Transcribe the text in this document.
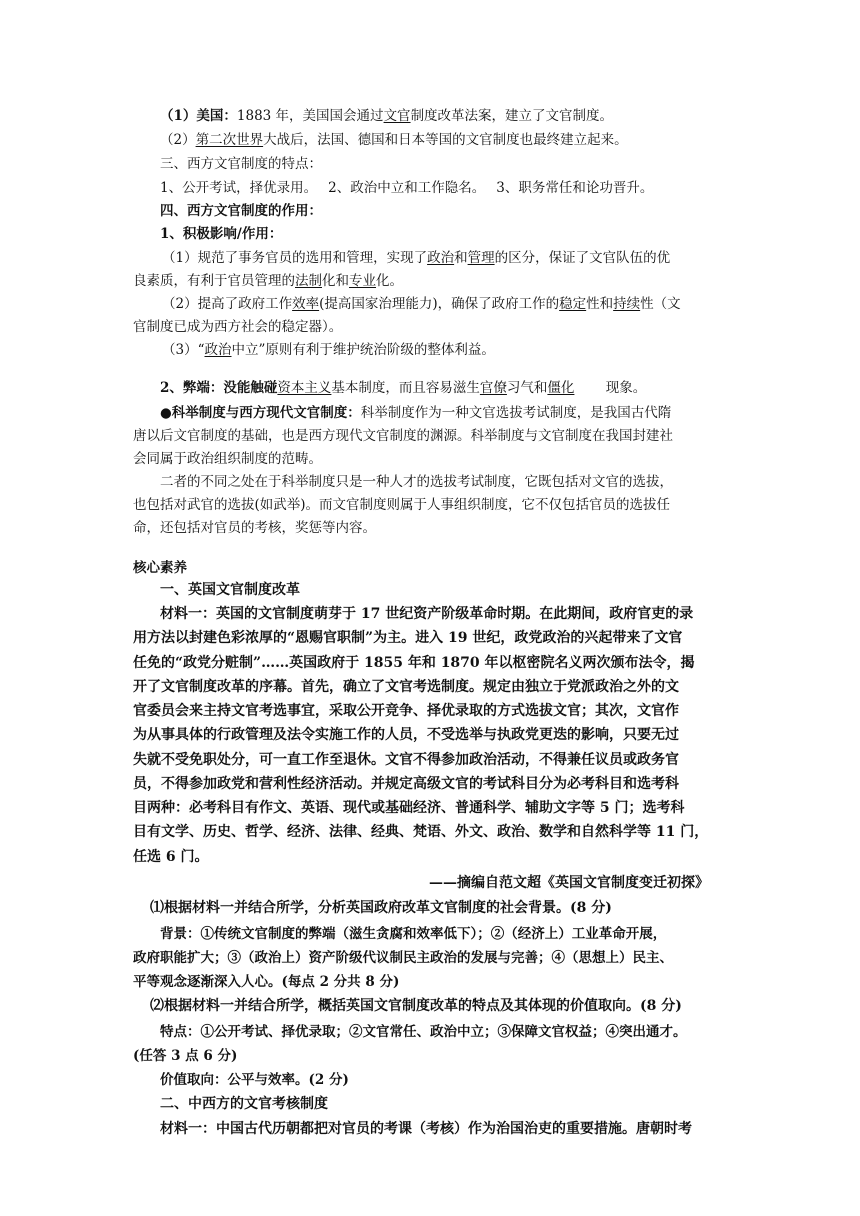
（1）美国：1883 年，美国国会通过文官制度改革法案，建立了文官制度。
（2）第二次世界大战后，法国、德国和日本等国的文官制度也最终建立起来。
三、西方文官制度的特点：
1、公开考试，择优录用。　 2、政治中立和工作隐名。　 3、职务常任和论功晋升。
四、西方文官制度的作用：
1、积极影响/作用：
（1）规范了事务官员的选用和管理，实现了政治和管理的区分，保证了文官队伍的优
良素质，有利于官员管理的法制化和专业化。
（2）提高了政府工作效率(提高国家治理能力)，确保了政府工作的稳定性和持续性（文
官制度已成为西方社会的稳定器）。
（3）“政治中立”原则有利于维护统治阶级的整体利益。
2、弊端：没能触碰资本主义基本制度，而且容易滋生官僚习气和僵化　　 现象。
●科举制度与西方现代文官制度：科举制度作为一种文官选拔考试制度，是我国古代隋
唐以后文官制度的基础，也是西方现代文官制度的渊源。科举制度与文官制度在我国封建社
会同属于政治组织制度的范畴。
二者的不同之处在于科举制度只是一种人才的选拔考试制度，它既包括对文官的选拔，
也包括对武官的选拔(如武举)。而文官制度则属于人事组织制度，它不仅包括官员的选拔任
命，还包括对官员的考核，奖惩等内容。
核心素养
一、英国文官制度改革
材料一：英国的文官制度萌芽于 17 世纪资产阶级革命时期。在此期间，政府官吏的录
用方法以封建色彩浓厚的“恩赐官职制”为主。进入 19 世纪，政党政治的兴起带来了文官
任免的“政党分赃制”……英国政府于 1855 年和 1870 年以枢密院名义两次颁布法令，揭
开了文官制度改革的序幕。首先，确立了文官考选制度。规定由独立于党派政治之外的文
官委员会来主持文官考选事宜，采取公开竞争、择优录取的方式选拔文官；其次，文官作
为从事具体的行政管理及法令实施工作的人员，不受选举与执政党更迭的影响，只要无过
失就不受免职处分，可一直工作至退休。文官不得参加政治活动，不得兼任议员或政务官
员，不得参加政党和营利性经济活动。并规定高级文官的考试科目分为必考科目和选考科
目两种：必考科目有作文、英语、现代或基础经济、普通科学、辅助文字等 5 门；选考科
目有文学、历史、哲学、经济、法律、经典、梵语、外文、政治、数学和自然科学等 11 门，
任选 6 门。
——摘编自范文超《英国文官制度变迁初探》
⑴根据材料一并结合所学，分析英国政府改革文官制度的社会背景。(8 分)
背景：①传统文官制度的弊端（滋生贪腐和效率低下）；②（经济上）工业革命开展，
政府职能扩大；③（政治上）资产阶级代议制民主政治的发展与完善；④（思想上）民主、
平等观念逐渐深入人心。(每点 2 分共 8 分)
⑵根据材料一并结合所学，概括英国文官制度改革的特点及其体现的价值取向。(8 分)
特点：①公开考试、择优录取；②文官常任、政治中立；③保障文官权益；④突出通才。
(任答 3 点 6 分)
价值取向：公平与效率。(2 分)
二、中西方的文官考核制度
材料一：中国古代历朝都把对官员的考课（考核）作为治国治吏的重要措施。唐朝时考
